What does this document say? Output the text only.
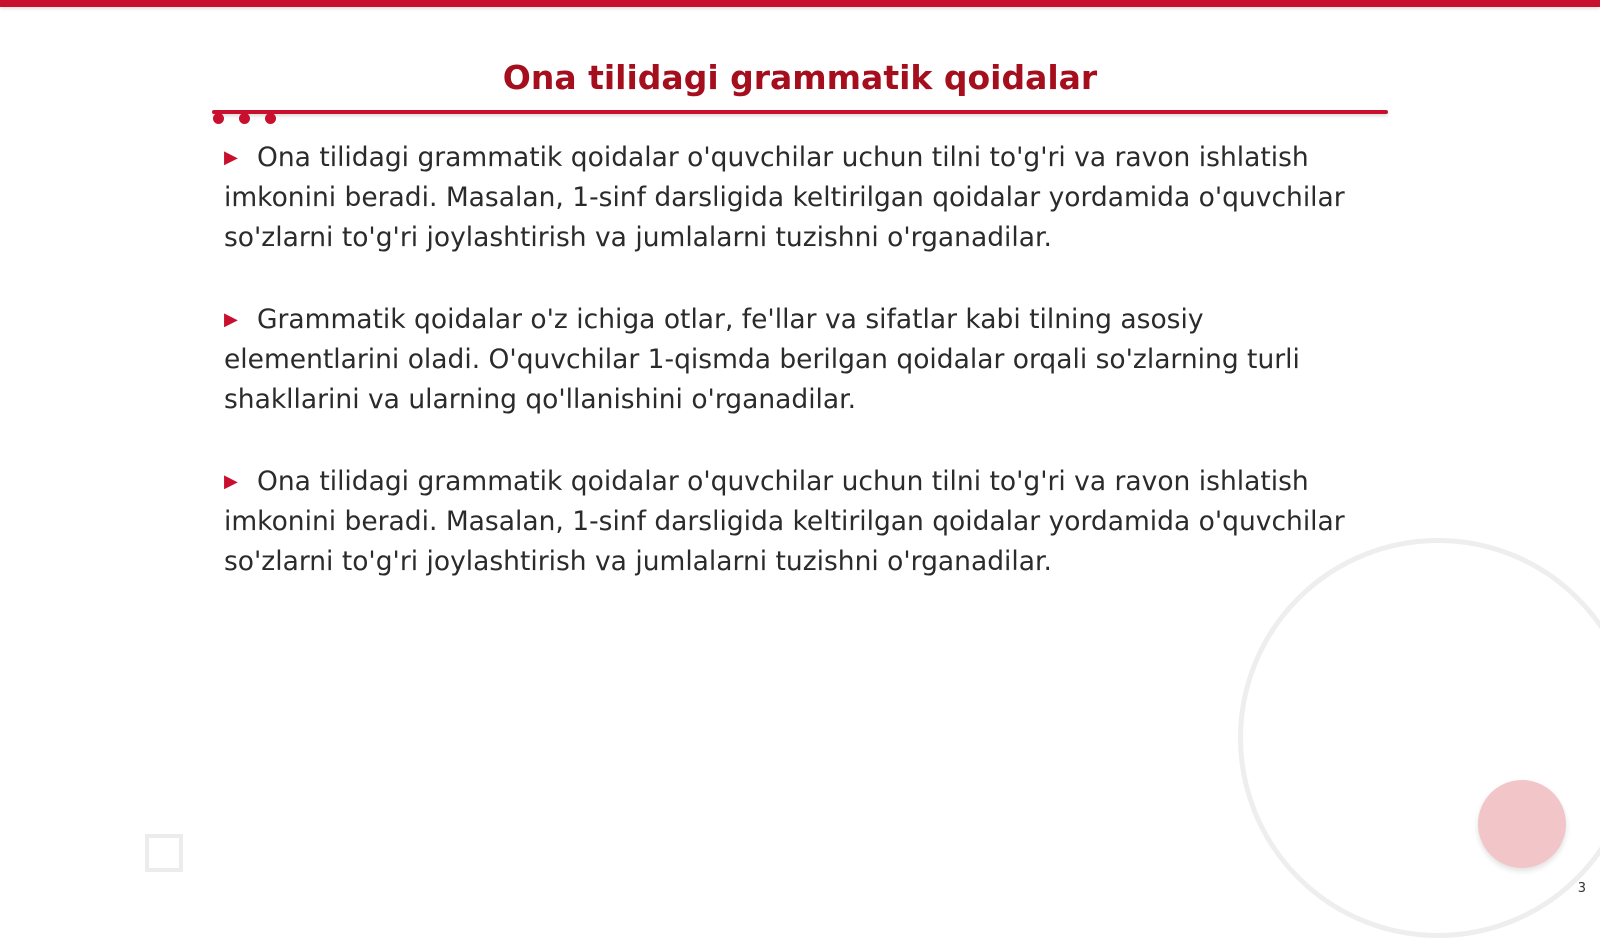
Ona tilidagi grammatik qoidalar
▶ Ona tilidagi grammatik qoidalar o'quvchilar uchun tilni to'g'ri va ravon ishlatish imkonini beradi. Masalan, 1-sinf darsligida keltirilgan qoidalar yordamida o'quvchilar so'zlarni to'g'ri joylashtirish va jumlalarni tuzishni o'rganadilar.
▶ Grammatik qoidalar o'z ichiga otlar, fe'llar va sifatlar kabi tilning asosiy elementlarini oladi. O'quvchilar 1-qismda berilgan qoidalar orqali so'zlarning turli shakllarini va ularning qo'llanishini o'rganadilar.
▶ Ona tilidagi grammatik qoidalar o'quvchilar uchun tilni to'g'ri va ravon ishlatish imkonini beradi. Masalan, 1-sinf darsligida keltirilgan qoidalar yordamida o'quvchilar so'zlarni to'g'ri joylashtirish va jumlalarni tuzishni o'rganadilar.
3
